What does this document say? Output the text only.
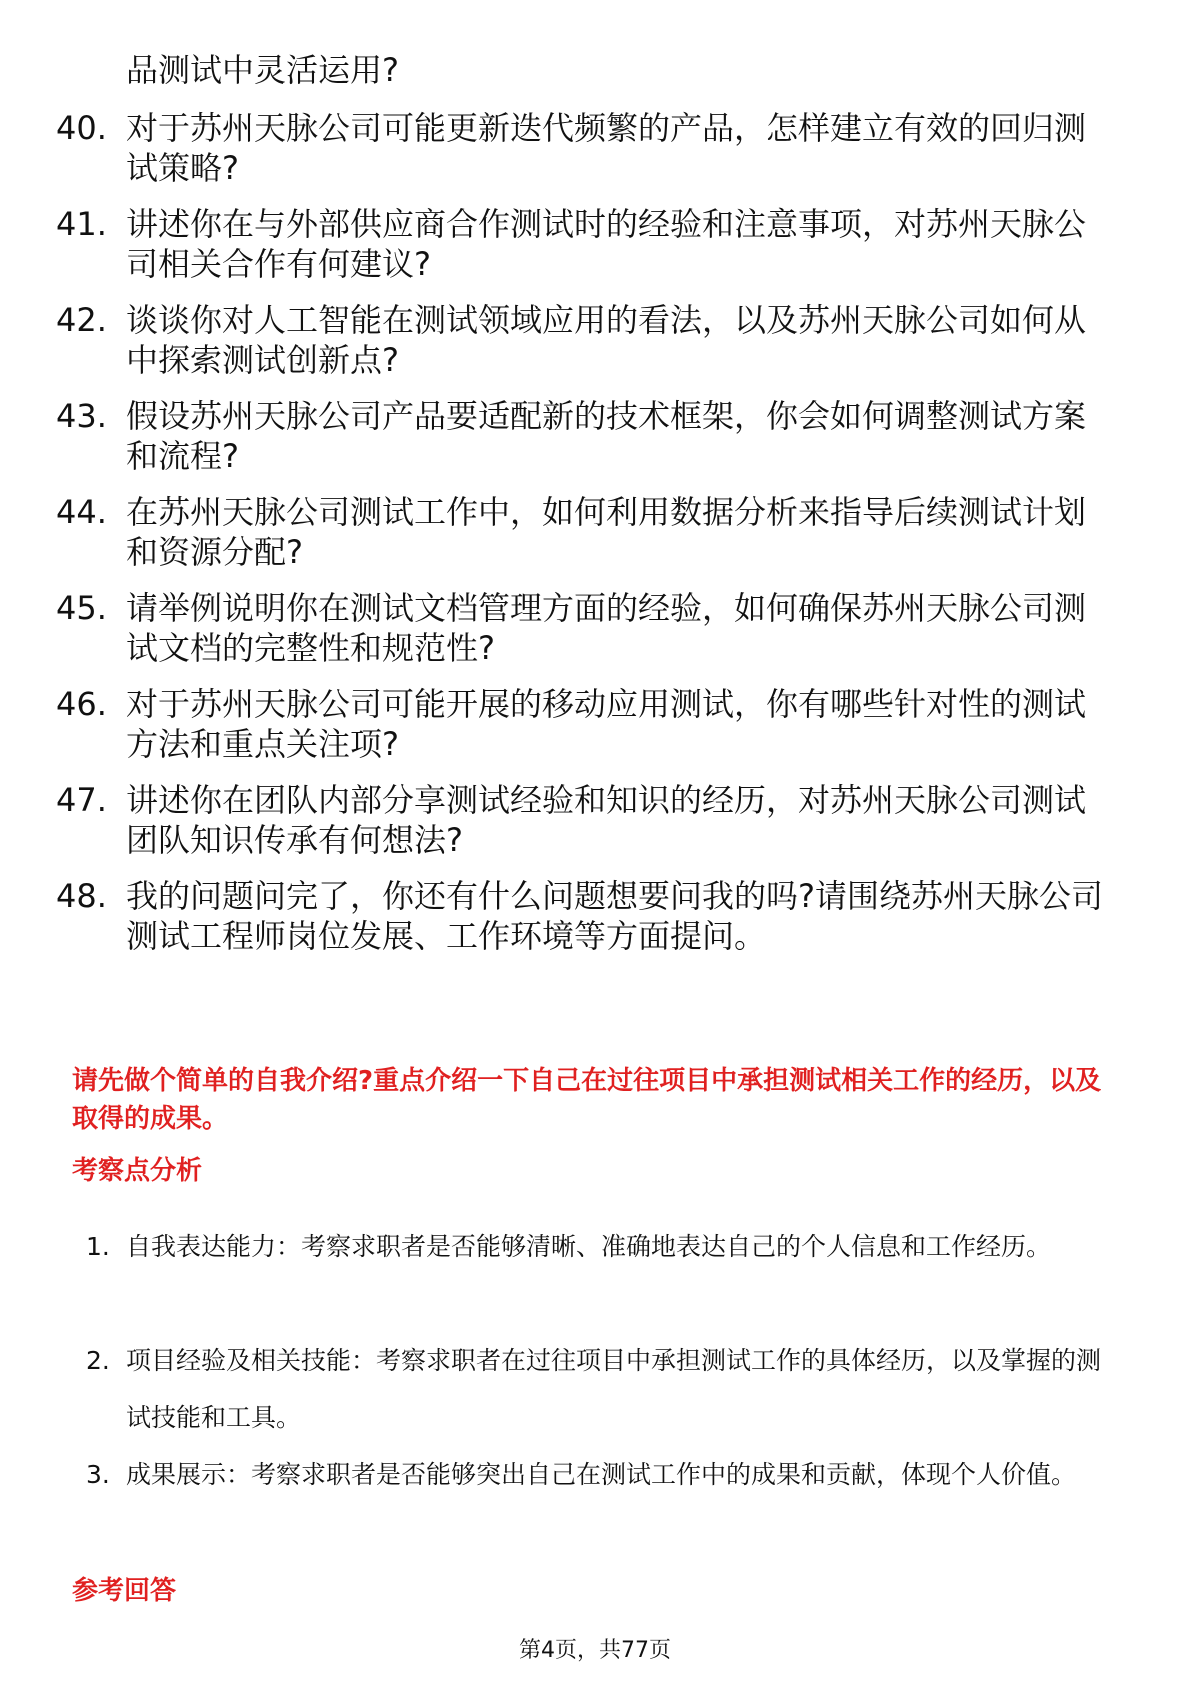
品测试中灵活运用?
40. 对于苏州天脉公司可能更新迭代频繁的产品，怎样建立有效的回归测试策略?
41. 讲述你在与外部供应商合作测试时的经验和注意事项，对苏州天脉公司相关合作有何建议?
42. 谈谈你对人工智能在测试领域应用的看法，以及苏州天脉公司如何从中探索测试创新点?
43. 假设苏州天脉公司产品要适配新的技术框架，你会如何调整测试方案和流程?
44. 在苏州天脉公司测试工作中，如何利用数据分析来指导后续测试计划和资源分配?
45. 请举例说明你在测试文档管理方面的经验，如何确保苏州天脉公司测试文档的完整性和规范性?
46. 对于苏州天脉公司可能开展的移动应用测试，你有哪些针对性的测试方法和重点关注项?
47. 讲述你在团队内部分享测试经验和知识的经历，对苏州天脉公司测试团队知识传承有何想法?
48. 我的问题问完了，你还有什么问题想要问我的吗?请围绕苏州天脉公司测试工程师岗位发展、工作环境等方面提问。
请先做个简单的自我介绍?重点介绍一下自己在过往项目中承担测试相关工作的经历，以及取得的成果。
考察点分析
1. 自我表达能力：考察求职者是否能够清晰、准确地表达自己的个人信息和工作经历。
2. 项目经验及相关技能：考察求职者在过往项目中承担测试工作的具体经历，以及掌握的测试技能和工具。
3. 成果展示：考察求职者是否能够突出自己在测试工作中的成果和贡献，体现个人价值。
参考回答
第4页，共77页
